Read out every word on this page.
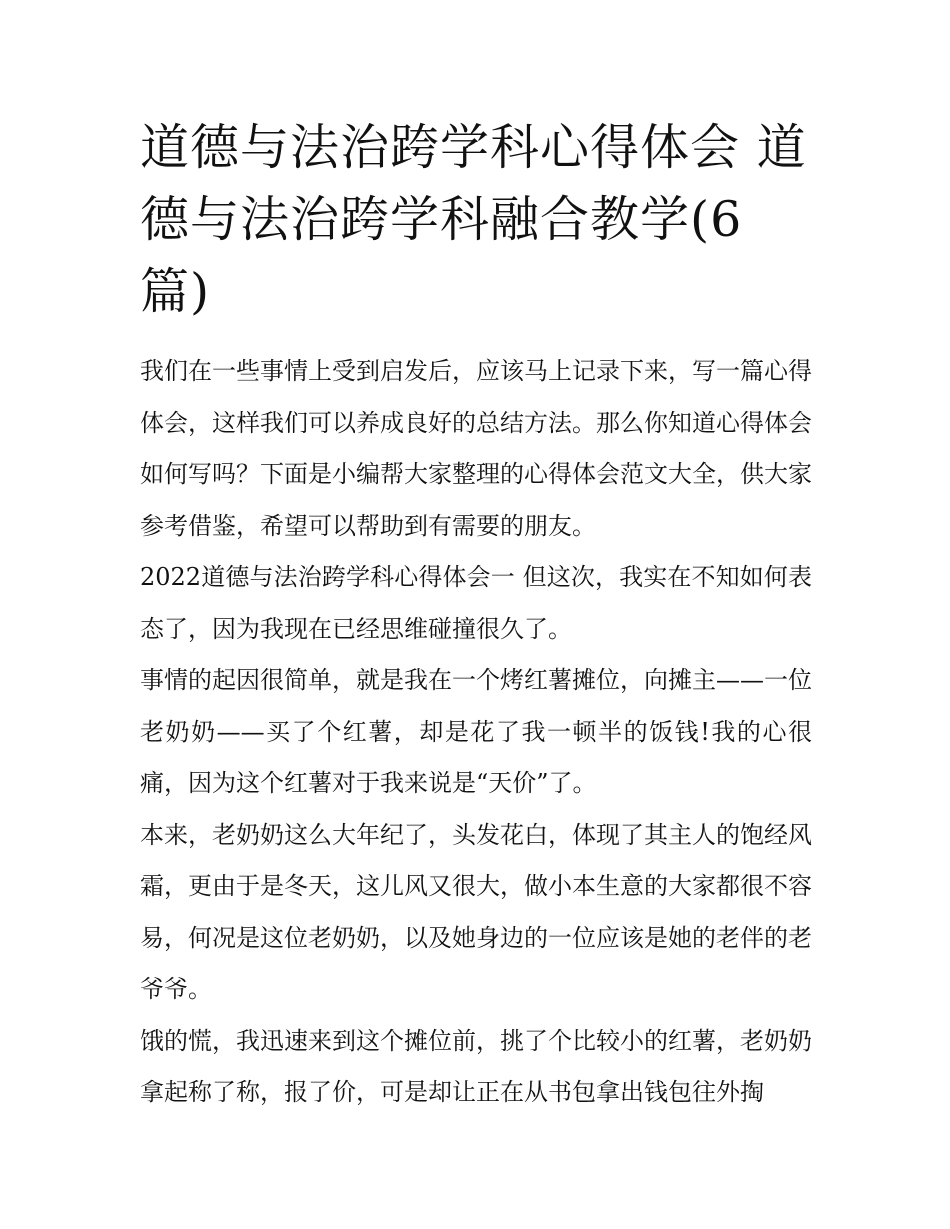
道德与法治跨学科心得体会 道德与法治跨学科融合教学(6篇)

我们在一些事情上受到启发后，应该马上记录下来，写一篇心得体会，这样我们可以养成良好的总结方法。那么你知道心得体会如何写吗？下面是小编帮大家整理的心得体会范文大全，供大家参考借鉴，希望可以帮助到有需要的朋友。

2022道德与法治跨学科心得体会一 但这次，我实在不知如何表态了，因为我现在已经思维碰撞很久了。

事情的起因很简单，就是我在一个烤红薯摊位，向摊主——一位老奶奶——买了个红薯，却是花了我一顿半的饭钱!我的心很痛，因为这个红薯对于我来说是“天价”了。

本来，老奶奶这么大年纪了，头发花白，体现了其主人的饱经风霜，更由于是冬天，这儿风又很大，做小本生意的大家都很不容易，何况是这位老奶奶，以及她身边的一位应该是她的老伴的老爷爷。

饿的慌，我迅速来到这个摊位前，挑了个比较小的红薯，老奶奶拿起称了称，报了价，可是却让正在从书包拿出钱包往外掏
